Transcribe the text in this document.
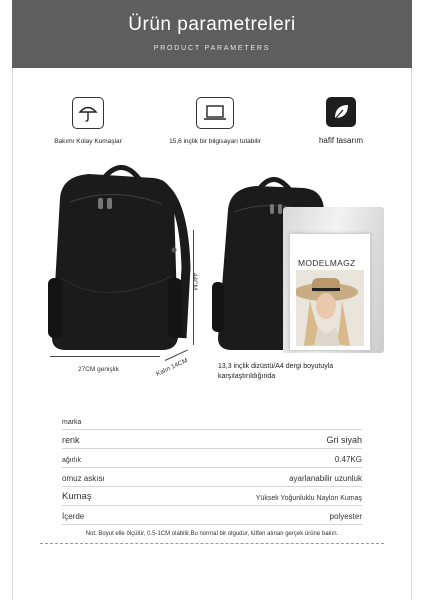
Ürün parametreleri
PRODUCT PARAMETERS
Bakımı Kolay Kumaşlar	15,6 inçlik bir bilgisayarı tutabilir	hafif tasarım
27CM genişlik	Kalın 14CM
44CM
MODELMAGZ
13,3 inçlik dizüstü/A4 dergi boyutuyla karşılaştırıldığında
marka
renk	Gri siyah
ağırlık	0.47KG
omuz askısı	ayarlanabilir uzunluk
Kumaş	Yüksek Yoğunluklu Naylon Kumaş
İçerde	polyester
Not: Boyut elle ölçülür, 0.5-1CM olabilir.Bu normal bir olgudur, lütfen alınan gerçek ürüne bakın.
